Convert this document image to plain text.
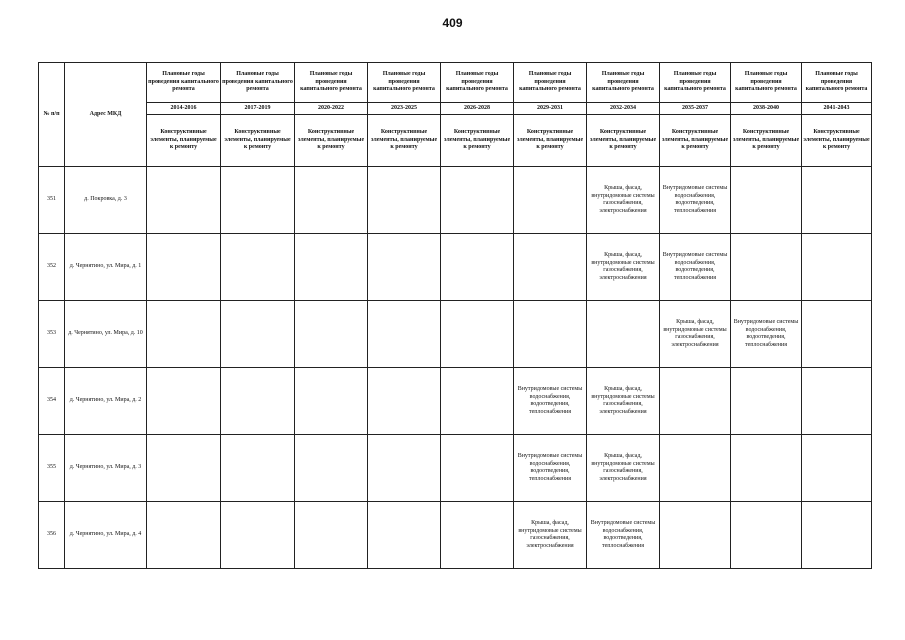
409
№ п/п	Адрес МКД	Плановые годы проведения капитального ремонта	Плановые годы проведения капитального ремонта	Плановые годы проведения капитального ремонта	Плановые годы проведения капитального ремонта	Плановые годы проведения капитального ремонта	Плановые годы проведения капитального ремонта	Плановые годы проведения капитального ремонта	Плановые годы проведения капитального ремонта	Плановые годы проведения капитального ремонта	Плановые годы проведения капитального ремонта
		2014-2016	2017-2019	2020-2022	2023-2025	2026-2028	2029-2031	2032-2034	2035-2037	2038-2040	2041-2043
		Конструктивные элементы, планируемые к ремонту	Конструктивные элементы, планируемые к ремонту	Конструктивные элементы, планируемые к ремонту	Конструктивные элементы, планируемые к ремонту	Конструктивные элементы, планируемые к ремонту	Конструктивные элементы, планируемые к ремонту	Конструктивные элементы, планируемые к ремонту	Конструктивные элементы, планируемые к ремонту	Конструктивные элементы, планируемые к ремонту	Конструктивные элементы, планируемые к ремонту
351	д. Покровка, д. 3							Крыша, фасад, внутридомовые системы газоснабжения, электроснабжения	Внутридомовые системы водоснабжения, водоотведения, теплоснабжения		
352	д. Чернятино, ул. Мира, д. 1							Крыша, фасад, внутридомовые системы газоснабжения, электроснабжения	Внутридомовые системы водоснабжения, водоотведения, теплоснабжения		
353	д. Чернятино, ул. Мира, д. 10								Крыша, фасад, внутридомовые системы газоснабжения, электроснабжения	Внутридомовые системы водоснабжения, водоотведения, теплоснабжения	
354	д. Чернятино, ул. Мира, д. 2						Внутридомовые системы водоснабжения, водоотведения, теплоснабжения	Крыша, фасад, внутридомовые системы газоснабжения, электроснабжения			
355	д. Чернятино, ул. Мира, д. 3						Внутридомовые системы водоснабжения, водоотведения, теплоснабжения	Крыша, фасад, внутридомовые системы газоснабжения, электроснабжения			
356	д. Чернятино, ул. Мира, д. 4						Крыша, фасад, внутридомовые системы газоснабжения, электроснабжения	Внутридомовые системы водоснабжения, водоотведения, теплоснабжения			
